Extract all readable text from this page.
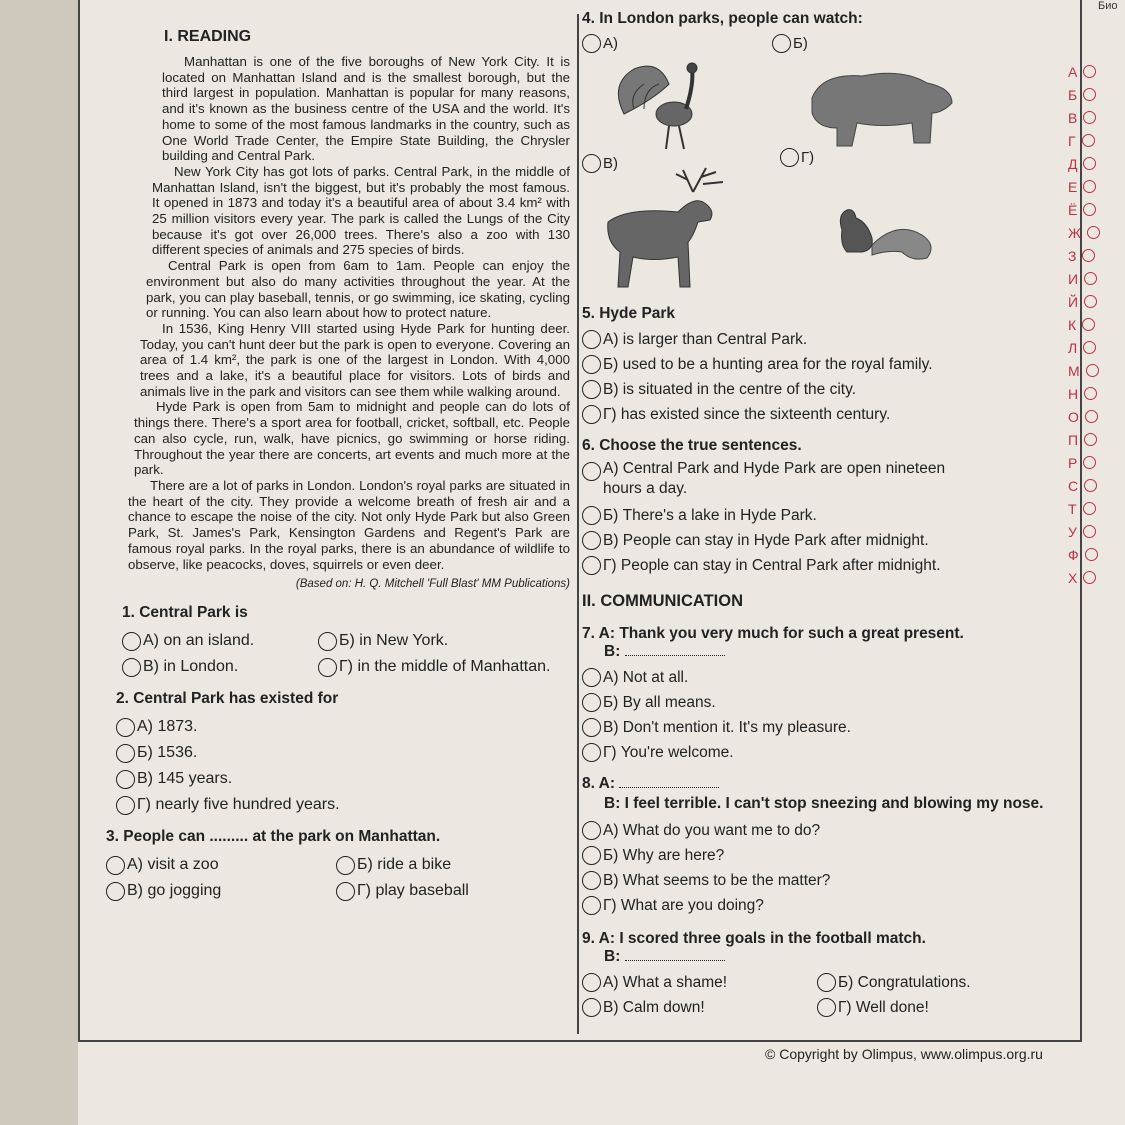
Био
I. READING

Manhattan is one of the five boroughs of New York City. It is located on Manhattan Island and is the smallest borough, but the third largest in population. Manhattan is popular for many reasons, and it's known as the business centre of the USA and the world. It's home to some of the most famous landmarks in the country, such as One World Trade Center, the Empire State Building, the Chrysler building and Central Park.

New York City has got lots of parks. Central Park, in the middle of Manhattan Island, isn't the biggest, but it's probably the most famous. It opened in 1873 and today it's a beautiful area of about 3.4 km² with 25 million visitors every year. The park is called the Lungs of the City because it's got over 26,000 trees. There's also a zoo with 130 different species of animals and 275 species of birds.

Central Park is open from 6am to 1am. People can enjoy the environment but also do many activities throughout the year. At the park, you can play baseball, tennis, or go swimming, ice skating, cycling or running. You can also learn about how to protect nature.

In 1536, King Henry VIII started using Hyde Park for hunting deer. Today, you can't hunt deer but the park is open to everyone. Covering an area of 1.4 km², the park is one of the largest in London. With 4,000 trees and a lake, it's a beautiful place for visitors. Lots of birds and animals live in the park and visitors can see them while walking around.

Hyde Park is open from 5am to midnight and people can do lots of things there. There's a sport area for football, cricket, softball, etc. People can also cycle, run, walk, have picnics, go swimming or horse riding. Throughout the year there are concerts, art events and much more at the park.

There are a lot of parks in London. London's royal parks are situated in the heart of the city. They provide a welcome breath of fresh air and a chance to escape the noise of the city. Not only Hyde Park but also Green Park, St. James's Park, Kensington Gardens and Regent's Park are famous royal parks. In the royal parks, there is an abundance of wildlife to observe, like peacocks, doves, squirrels or even deer.

(Based on: H. Q. Mitchell 'Full Blast' MM Publications)
1. Central Park is
A) on an island.	Б) in New York.
B) in London.	Г) in the middle of Manhattan.
2. Central Park has existed for
A) 1873.
Б) 1536.
B) 145 years.
Г) nearly five hundred years.
3. People can ......... at the park on Manhattan.
A) visit a zoo	Б) ride a bike
B) go jogging	Г) play baseball
4. In London parks, people can watch:
A)	Б)
B)	Г)
5. Hyde Park
A) is larger than Central Park.
Б) used to be a hunting area for the royal family.
B) is situated in the centre of the city.
Г) has existed since the sixteenth century.
6. Choose the true sentences.
A) Central Park and Hyde Park are open nineteen hours a day.
Б) There's a lake in Hyde Park.
B) People can stay in Hyde Park after midnight.
Г) People can stay in Central Park after midnight.
II. COMMUNICATION
7. A: Thank you very much for such a great present.
B:
A) Not at all.
Б) By all means.
B) Don't mention it. It's my pleasure.
Г) You're welcome.
8. A:
B: I feel terrible. I can't stop sneezing and blowing my nose.
A) What do you want me to do?
Б) Why are here?
B) What seems to be the matter?
Г) What are you doing?
9. A: I scored three goals in the football match.
B:
A) What a shame!	Б) Congratulations.
B) Calm down!	Г) Well done!
© Copyright by Olimpus, www.olimpus.org.ru
А
Б
В
Г
Д
Е
Ё
Ж
З
И
Й
К
Л
М
Н
О
П
Р
С
Т
У
Ф
Х
